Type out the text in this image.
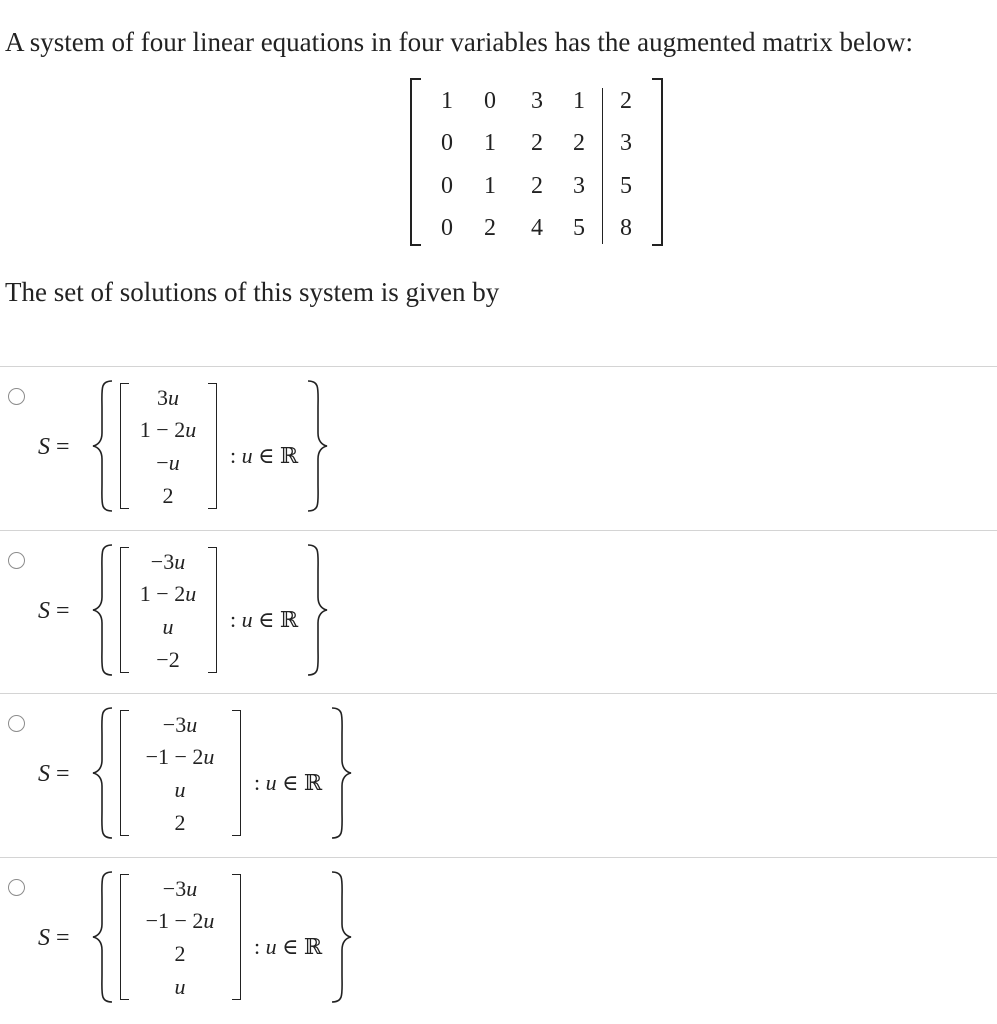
A system of four linear equations in four variables has the augmented matrix below:
1 0 3 1 2
0 1 2 2 3
0 1 2 3 5
0 2 4 5 8
The set of solutions of this system is given by
S =
3u
1 − 2u
−u
2
: u ∈ ℝ
S =
−3u
1 − 2u
u
−2
: u ∈ ℝ
S =
−3u
−1 − 2u
u
2
: u ∈ ℝ
S =
−3u
−1 − 2u
2
u
: u ∈ ℝ
